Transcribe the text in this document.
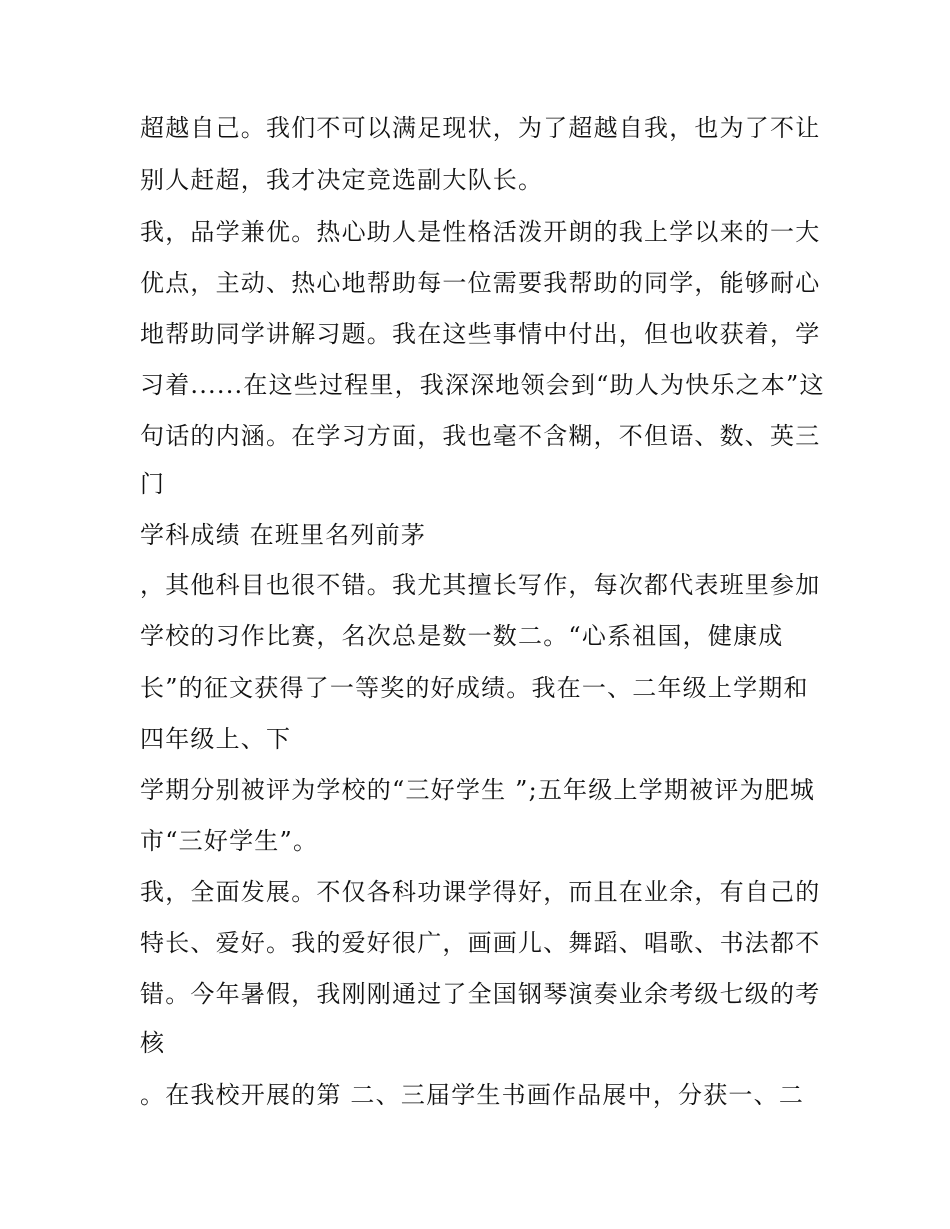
超越自己。我们不可以满足现状，为了超越自我，也为了不让
别人赶超，我才决定竞选副大队长。
我，品学兼优。热心助人是性格活泼开朗的我上学以来的一大
优点，主动、热心地帮助每一位需要我帮助的同学，能够耐心
地帮助同学讲解习题。我在这些事情中付出，但也收获着，学
习着......在这些过程里，我深深地领会到“助人为快乐之本”这
句话的内涵。在学习方面，我也毫不含糊，不但语、数、英三
门
学科成绩 在班里名列前茅
，其他科目也很不错。我尤其擅长写作，每次都代表班里参加
学校的习作比赛，名次总是数一数二。“心系祖国，健康成
长”的征文获得了一等奖的好成绩。我在一、二年级上学期和
四年级上、下
学期分别被评为学校的“三好学生 ”;五年级上学期被评为肥城
市“三好学生”。
我，全面发展。不仅各科功课学得好，而且在业余，有自己的
特长、爱好。我的爱好很广，画画儿、舞蹈、唱歌、书法都不
错。今年暑假，我刚刚通过了全国钢琴演奏业余考级七级的考
核
。在我校开展的第 二、三届学生书画作品展中，分获一、二
